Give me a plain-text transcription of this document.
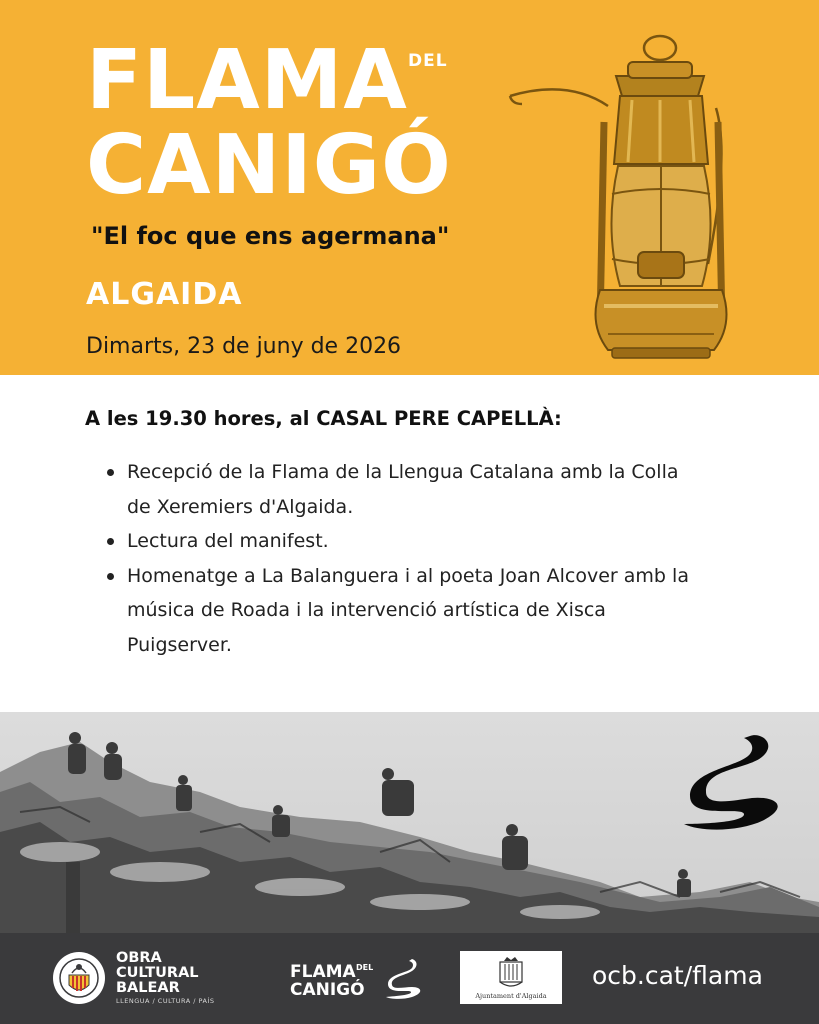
FLAMA DEL
CANIGÓ
"El foc que ens agermana"
ALGAIDA
Dimarts, 23 de juny de 2026
A les 19.30 hores, al CASAL PERE CAPELLÀ:
Recepció de la Flama de la Llengua Catalana amb la Colla de Xeremiers d'Algaida.
Lectura del manifest.
Homenatge a La Balanguera i al poeta Joan Alcover amb la música de Roada i la intervenció artística de Xisca Puigserver.
OBRA CULTURAL BALEAR
LLENGUA / CULTURA / PAÍS
FLAMA DEL
CANIGÓ	Ajuntament d'Algaida
ocb.cat/flama
